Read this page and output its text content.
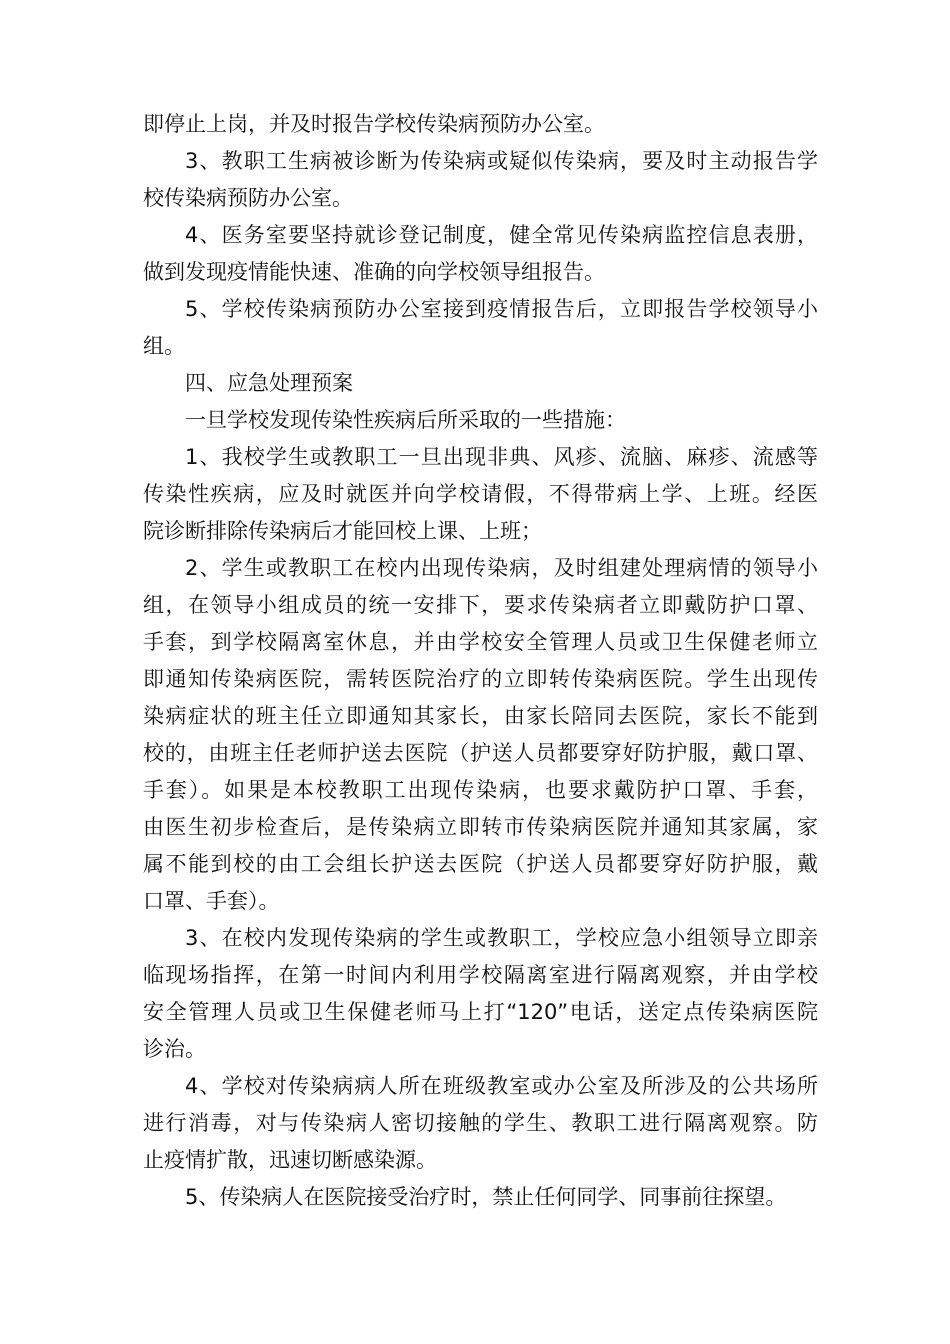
即停止上岗，并及时报告学校传染病预防办公室。
3、教职工生病被诊断为传染病或疑似传染病，要及时主动报告学
校传染病预防办公室。
4、医务室要坚持就诊登记制度，健全常见传染病监控信息表册，
做到发现疫情能快速、准确的向学校领导组报告。
5、学校传染病预防办公室接到疫情报告后，立即报告学校领导小
组。
四、应急处理预案
一旦学校发现传染性疾病后所采取的一些措施：
1、我校学生或教职工一旦出现非典、风疹、流脑、麻疹、流感等
传染性疾病，应及时就医并向学校请假，不得带病上学、上班。经医
院诊断排除传染病后才能回校上课、上班；
2、学生或教职工在校内出现传染病，及时组建处理病情的领导小
组，在领导小组成员的统一安排下，要求传染病者立即戴防护口罩、
手套，到学校隔离室休息，并由学校安全管理人员或卫生保健老师立
即通知传染病医院，需转医院治疗的立即转传染病医院。学生出现传
染病症状的班主任立即通知其家长，由家长陪同去医院，家长不能到
校的，由班主任老师护送去医院（护送人员都要穿好防护服，戴口罩、
手套）。如果是本校教职工出现传染病，也要求戴防护口罩、手套，
由医生初步检查后，是传染病立即转市传染病医院并通知其家属，家
属不能到校的由工会组长护送去医院（护送人员都要穿好防护服，戴
口罩、手套）。
3、在校内发现传染病的学生或教职工，学校应急小组领导立即亲
临现场指挥，在第一时间内利用学校隔离室进行隔离观察，并由学校
安全管理人员或卫生保健老师马上打“120”电话，送定点传染病医院
诊治。
4、学校对传染病病人所在班级教室或办公室及所涉及的公共场所
进行消毒，对与传染病人密切接触的学生、教职工进行隔离观察。防
止疫情扩散，迅速切断感染源。
5、传染病人在医院接受治疗时，禁止任何同学、同事前往探望。
